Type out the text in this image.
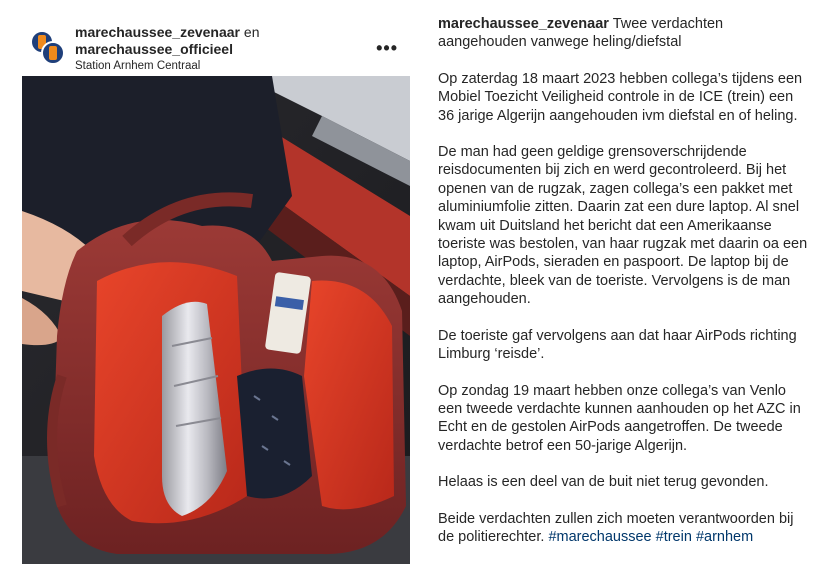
marechaussee_zevenaar en
marechaussee_officieel
Station Arnhem Centraal
•••

marechaussee_zevenaar Twee verdachten aangehouden vanwege heling/diefstal

Op zaterdag 18 maart 2023 hebben collega’s tijdens een Mobiel Toezicht Veiligheid controle in de ICE (trein) een 36 jarige Algerijn aangehouden ivm diefstal en of heling.

De man had geen geldige grensoverschrijdende reisdocumenten bij zich en werd gecontroleerd. Bij het openen van de rugzak, zagen collega’s een pakket met aluminiumfolie zitten. Daarin zat een dure laptop. Al snel kwam uit Duitsland het bericht dat een Amerikaanse toeriste was bestolen, van haar rugzak met daarin oa een laptop, AirPods, sieraden en paspoort. De laptop bij de verdachte, bleek van de toeriste. Vervolgens is de man aangehouden.

De toeriste gaf vervolgens aan dat haar AirPods richting Limburg ‘reisde’.

Op zondag 19 maart hebben onze collega’s van Venlo een tweede verdachte kunnen aanhouden op het AZC in Echt en de gestolen AirPods aangetroffen. De tweede verdachte betrof een 50-jarige Algerijn.

Helaas is een deel van de buit niet terug gevonden.

Beide verdachten zullen zich moeten verantwoorden bij de politierechter. #marechaussee #trein #arnhem
